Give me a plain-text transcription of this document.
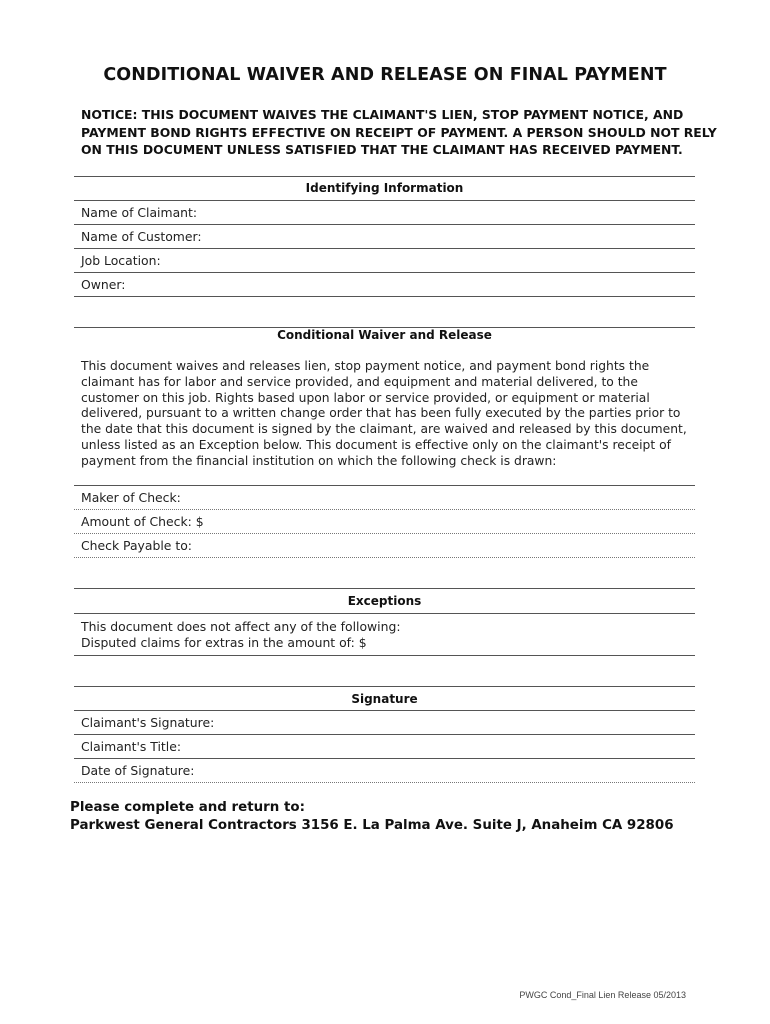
CONDITIONAL WAIVER AND RELEASE ON FINAL PAYMENT
NOTICE: THIS DOCUMENT WAIVES THE CLAIMANT'S LIEN, STOP PAYMENT NOTICE, AND
PAYMENT BOND RIGHTS EFFECTIVE ON RECEIPT OF PAYMENT. A PERSON SHOULD NOT RELY
ON THIS DOCUMENT UNLESS SATISFIED THAT THE CLAIMANT HAS RECEIVED PAYMENT.
Identifying Information
Name of Claimant:
Name of Customer:
Job Location:
Owner:
Conditional Waiver and Release
This document waives and releases lien, stop payment notice, and payment bond rights the
claimant has for labor and service provided, and equipment and material delivered, to the
customer on this job. Rights based upon labor or service provided, or equipment or material
delivered, pursuant to a written change order that has been fully executed by the parties prior to
the date that this document is signed by the claimant, are waived and released by this document,
unless listed as an Exception below. This document is effective only on the claimant's receipt of
payment from the financial institution on which the following check is drawn:
Maker of Check:
Amount of Check: $
Check Payable to:
Exceptions
This document does not affect any of the following:
Disputed claims for extras in the amount of: $
Signature
Claimant's Signature:
Claimant's Title:
Date of Signature:
Please complete and return to:
Parkwest General Contractors 3156 E. La Palma Ave. Suite J, Anaheim CA 92806
PWGC Cond_Final Lien Release 05/2013
